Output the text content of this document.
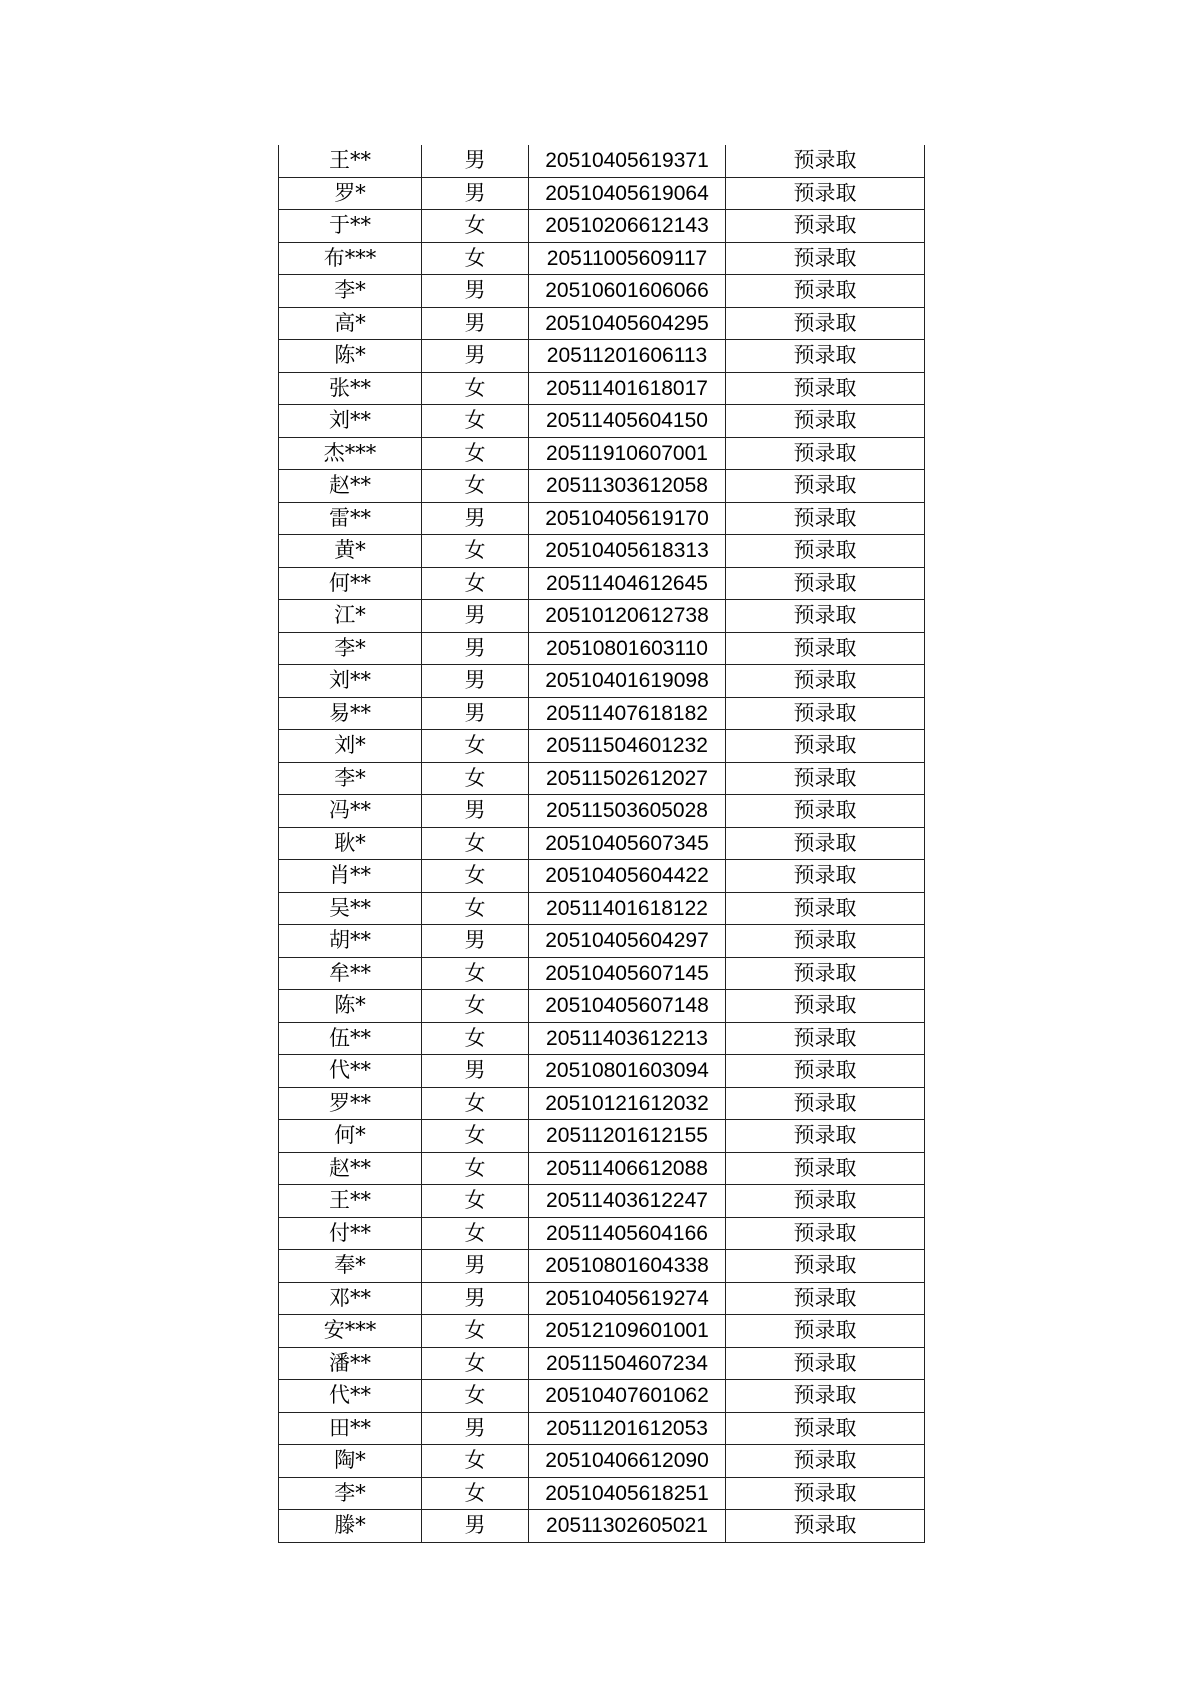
王**	男	20510405619371	预录取
罗*	男	20510405619064	预录取
于**	女	20510206612143	预录取
布***	女	20511005609117	预录取
李*	男	20510601606066	预录取
高*	男	20510405604295	预录取
陈*	男	20511201606113	预录取
张**	女	20511401618017	预录取
刘**	女	20511405604150	预录取
杰***	女	20511910607001	预录取
赵**	女	20511303612058	预录取
雷**	男	20510405619170	预录取
黄*	女	20510405618313	预录取
何**	女	20511404612645	预录取
江*	男	20510120612738	预录取
李*	男	20510801603110	预录取
刘**	男	20510401619098	预录取
易**	男	20511407618182	预录取
刘*	女	20511504601232	预录取
李*	女	20511502612027	预录取
冯**	男	20511503605028	预录取
耿*	女	20510405607345	预录取
肖**	女	20510405604422	预录取
吴**	女	20511401618122	预录取
胡**	男	20510405604297	预录取
牟**	女	20510405607145	预录取
陈*	女	20510405607148	预录取
伍**	女	20511403612213	预录取
代**	男	20510801603094	预录取
罗**	女	20510121612032	预录取
何*	女	20511201612155	预录取
赵**	女	20511406612088	预录取
王**	女	20511403612247	预录取
付**	女	20511405604166	预录取
奉*	男	20510801604338	预录取
邓**	男	20510405619274	预录取
安***	女	20512109601001	预录取
潘**	女	20511504607234	预录取
代**	女	20510407601062	预录取
田**	男	20511201612053	预录取
陶*	女	20510406612090	预录取
李*	女	20510405618251	预录取
滕*	男	20511302605021	预录取
